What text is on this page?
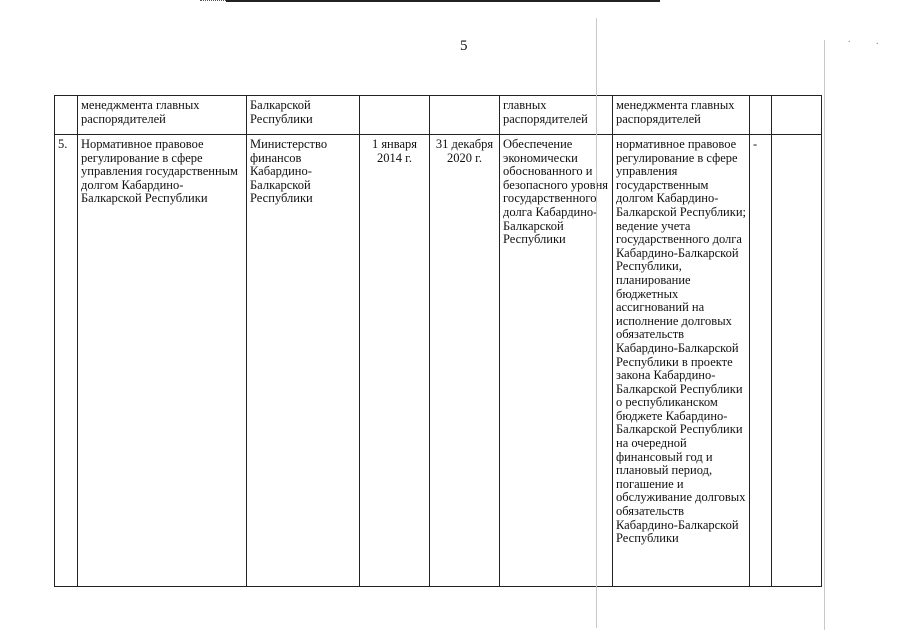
5	.	.
	менеджмента главных распорядителей	Балкарской Республики			главных распорядителей	менеджмента главных распорядителей		
5.	Нормативное правовое регулирование в сфере управления государственным долгом Кабардино-Балкарской Республики	Министерство финансов Кабардино-Балкарской Республики	1 января 2014 г.	31 декабря 2020 г.	Обеспечение экономически обоснованного и безопасного уровня государственного долга Кабардино-Балкарской Республики	нормативное правовое регулирование в сфере управления государственным долгом Кабардино-Балкарской Республики; ведение учета государственного долга Кабардино-Балкарской Республики, планирование бюджетных ассигнований на исполнение долговых обязательств Кабардино-Балкарской Республики в проекте закона Кабардино-Балкарской Республики о республиканском бюджете Кабардино-Балкарской Республики на очередной финансовый год и плановый период, погашение и обслуживание долговых обязательств Кабардино-Балкарской Республики	-	
